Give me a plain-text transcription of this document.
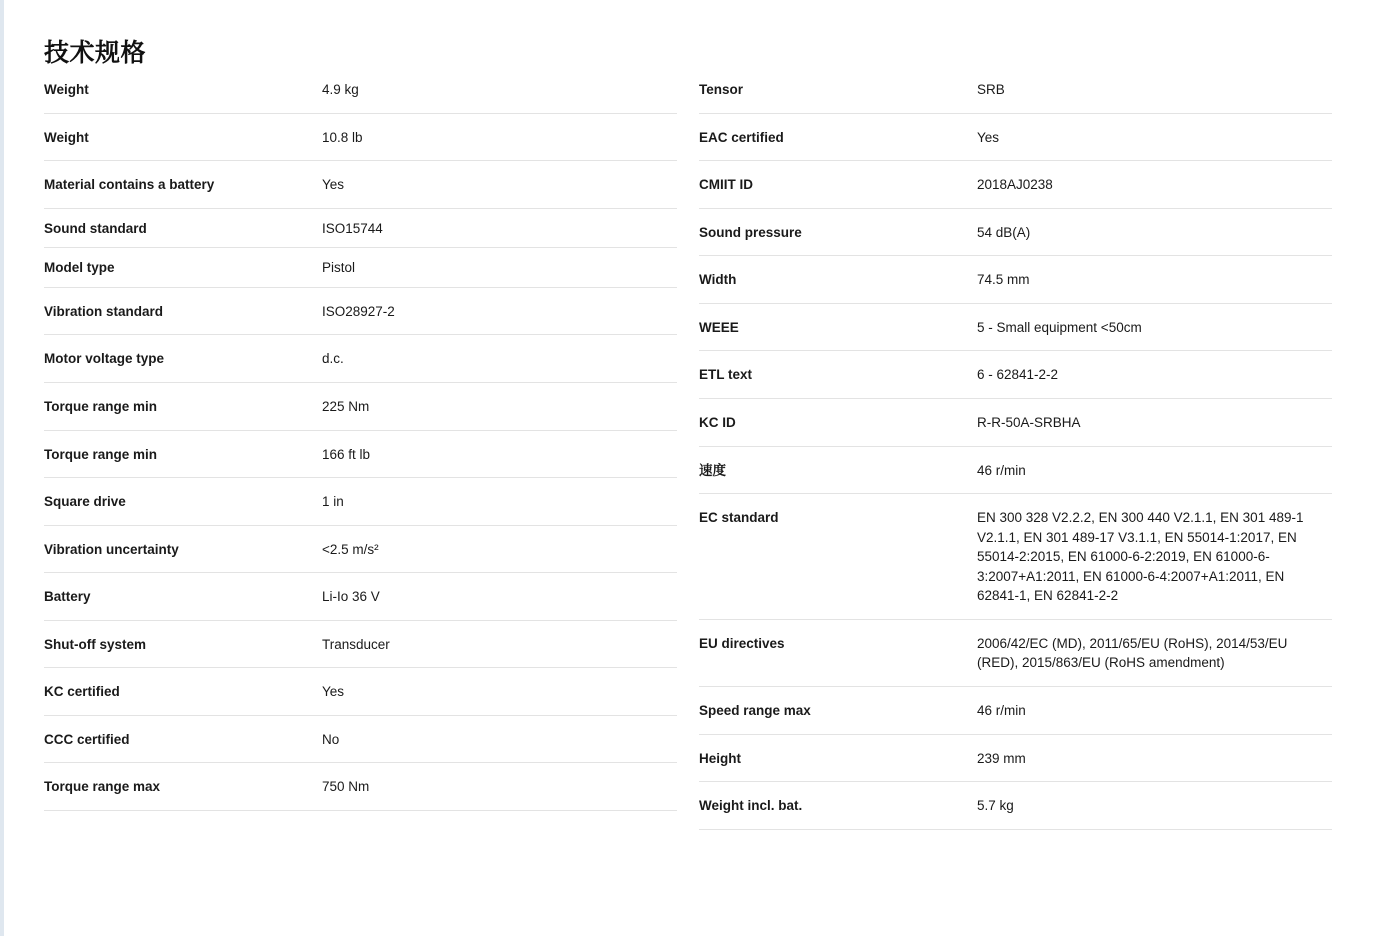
技术规格
Weight	4.9 kg
Weight	10.8 lb
Material contains a battery	Yes
Sound standard	ISO15744
Model type	Pistol
Vibration standard	ISO28927-2
Motor voltage type	d.c.
Torque range min	225 Nm
Torque range min	166 ft lb
Square drive	1 in
Vibration uncertainty	<2.5 m/s²
Battery	Li-Io 36 V
Shut-off system	Transducer
KC certified	Yes
CCC certified	No
Torque range max	750 Nm
Tensor	SRB
EAC certified	Yes
CMIIT ID	2018AJ0238
Sound pressure	54 dB(A)
Width	74.5 mm
WEEE	5 - Small equipment <50cm
ETL text	6 - 62841-2-2
KC ID	R-R-50A-SRBHA
速度	46 r/min
EC standard	EN 300 328 V2.2.2, EN 300 440 V2.1.1, EN 301 489-1 V2.1.1, EN 301 489-17 V3.1.1, EN 55014-1:2017, EN 55014-2:2015, EN 61000-6-2:2019, EN 61000-6-3:2007+A1:2011, EN 61000-6-4:2007+A1:2011, EN 62841-1, EN 62841-2-2
EU directives	2006/42/EC (MD), 2011/65/EU (RoHS), 2014/53/EU (RED), 2015/863/EU (RoHS amendment)
Speed range max	46 r/min
Height	239 mm
Weight incl. bat.	5.7 kg
